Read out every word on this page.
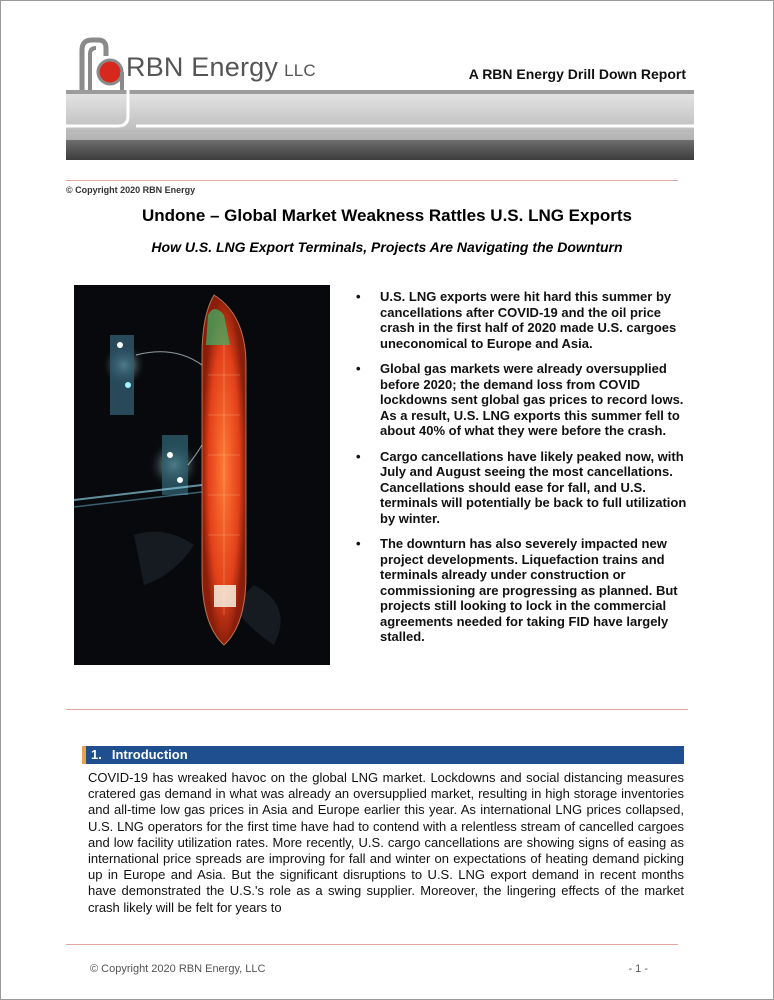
RBN Energy LLC	A RBN Energy Drill Down Report
© Copyright 2020 RBN Energy
Undone – Global Market Weakness Rattles U.S. LNG Exports
How U.S. LNG Export Terminals, Projects Are Navigating the Downturn
• U.S. LNG exports were hit hard this summer by cancellations after COVID-19 and the oil price crash in the first half of 2020 made U.S. cargoes uneconomical to Europe and Asia.
• Global gas markets were already oversupplied before 2020; the demand loss from COVID lockdowns sent global gas prices to record lows. As a result, U.S. LNG exports this summer fell to about 40% of what they were before the crash.
• Cargo cancellations have likely peaked now, with July and August seeing the most cancellations. Cancellations should ease for fall, and U.S. terminals will potentially be back to full utilization by winter.
• The downturn has also severely impacted new project developments. Liquefaction trains and terminals already under construction or commissioning are progressing as planned. But projects still looking to lock in the commercial agreements needed for taking FID have largely stalled.
1. Introduction
COVID-19 has wreaked havoc on the global LNG market. Lockdowns and social distancing measures cratered gas demand in what was already an oversupplied market, resulting in high storage inventories and all-time low gas prices in Asia and Europe earlier this year. As international LNG prices collapsed, U.S. LNG operators for the first time have had to contend with a relentless stream of cancelled cargoes and low facility utilization rates. More recently, U.S. cargo cancellations are showing signs of easing as international price spreads are improving for fall and winter on expectations of heating demand picking up in Europe and Asia. But the significant disruptions to U.S. LNG export demand in recent months have demonstrated the U.S.'s role as a swing supplier. Moreover, the lingering effects of the market crash likely will be felt for years to
© Copyright 2020 RBN Energy, LLC	- 1 -
